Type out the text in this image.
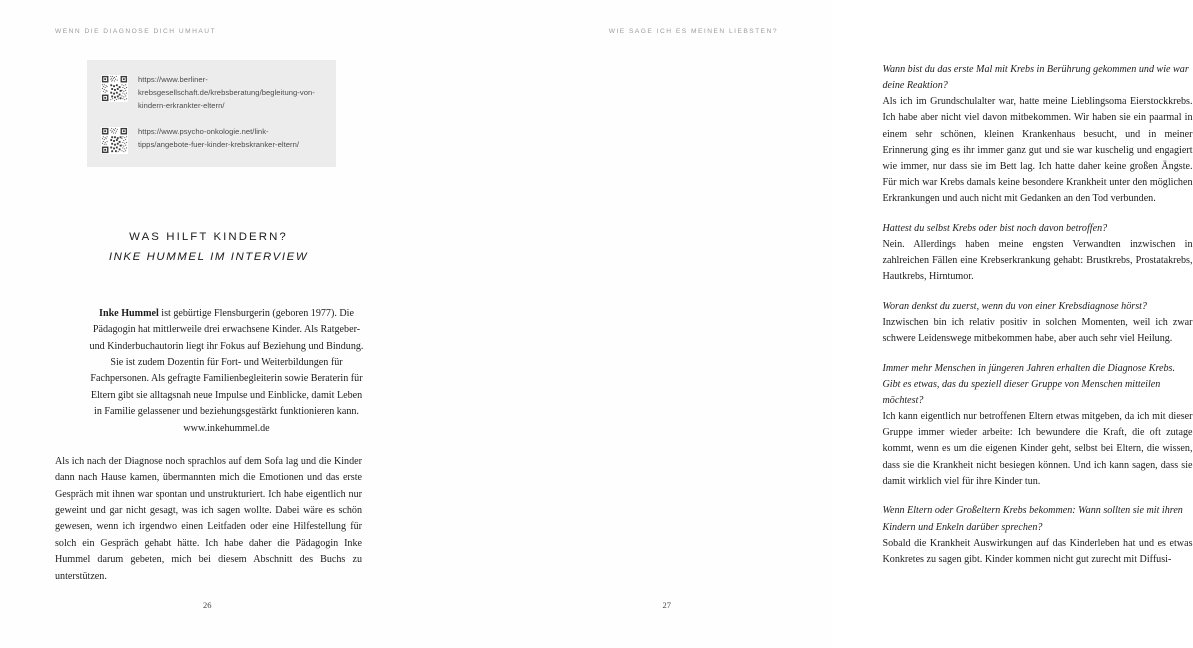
WENN DIE DIAGNOSE DICH UMHAUT
https://www.berliner-krebsgesellschaft.de/krebsberatung/begleitung-von-kindern-erkrankter-eltern/
https://www.psycho-onkologie.net/link-tipps/angebote-fuer-kinder-krebskranker-eltern/
WAS HILFT KINDERN?
INKE HUMMEL IM INTERVIEW

Inke Hummel ist gebürtige Flensburgerin (geboren 1977). Die Pädagogin hat mittlerweile drei erwachsene Kinder. Als Ratgeber- und Kinderbuchautorin liegt ihr Fokus auf Beziehung und Bindung. Sie ist zudem Dozentin für Fort- und Weiterbildungen für Fachpersonen. Als gefragte Familienbegleiterin sowie Beraterin für Eltern gibt sie alltagsnah neue Impulse und Einblicke, damit Leben in Familie gelassener und beziehungsgestärkt funktionieren kann. www.inkehummel.de

Als ich nach der Diagnose noch sprachlos auf dem Sofa lag und die Kinder dann nach Hause kamen, übermannten mich die Emotionen und das erste Gespräch mit ihnen war spontan und unstrukturiert. Ich habe eigentlich nur geweint und gar nicht gesagt, was ich sagen wollte. Dabei wäre es schön gewesen, wenn ich irgendwo einen Leitfaden oder eine Hilfestellung für solch ein Gespräch gehabt hätte. Ich habe daher die Pädagogin Inke Hummel darum gebeten, mich bei diesem Abschnitt des Buchs zu unterstützen.

26
WIE SAGE ICH ES MEINEN LIEBSTEN?

Wann bist du das erste Mal mit Krebs in Berührung gekommen und wie war deine Reaktion?

Als ich im Grundschulalter war, hatte meine Lieblingsoma Eierstockkrebs. Ich habe aber nicht viel davon mitbekommen. Wir haben sie ein paarmal in einem sehr schönen, kleinen Krankenhaus besucht, und in meiner Erinnerung ging es ihr immer ganz gut und sie war kuschelig und engagiert wie immer, nur dass sie im Bett lag. Ich hatte daher keine großen Ängste. Für mich war Krebs damals keine besondere Krankheit unter den möglichen Erkrankungen und auch nicht mit Gedanken an den Tod verbunden.

Hattest du selbst Krebs oder bist noch davon betroffen?

Nein. Allerdings haben meine engsten Verwandten inzwischen in zahlreichen Fällen eine Krebserkrankung gehabt: Brustkrebs, Prostatakrebs, Hautkrebs, Hirntumor.

Woran denkst du zuerst, wenn du von einer Krebsdiagnose hörst?

Inzwischen bin ich relativ positiv in solchen Momenten, weil ich zwar schwere Leidenswege mitbekommen habe, aber auch sehr viel Heilung.

Immer mehr Menschen in jüngeren Jahren erhalten die Diagnose Krebs. Gibt es etwas, das du speziell dieser Gruppe von Menschen mitteilen möchtest?

Ich kann eigentlich nur betroffenen Eltern etwas mitgeben, da ich mit dieser Gruppe immer wieder arbeite: Ich bewundere die Kraft, die oft zutage kommt, wenn es um die eigenen Kinder geht, selbst bei Eltern, die wissen, dass sie die Krankheit nicht besiegen können. Und ich kann sagen, dass sie damit wirklich viel für ihre Kinder tun.

Wenn Eltern oder Großeltern Krebs bekommen: Wann sollten sie mit ihren Kindern und Enkeln darüber sprechen?

Sobald die Krankheit Auswirkungen auf das Kinderleben hat und es etwas Konkretes zu sagen gibt. Kinder kommen nicht gut zurecht mit Diffusi-

27
